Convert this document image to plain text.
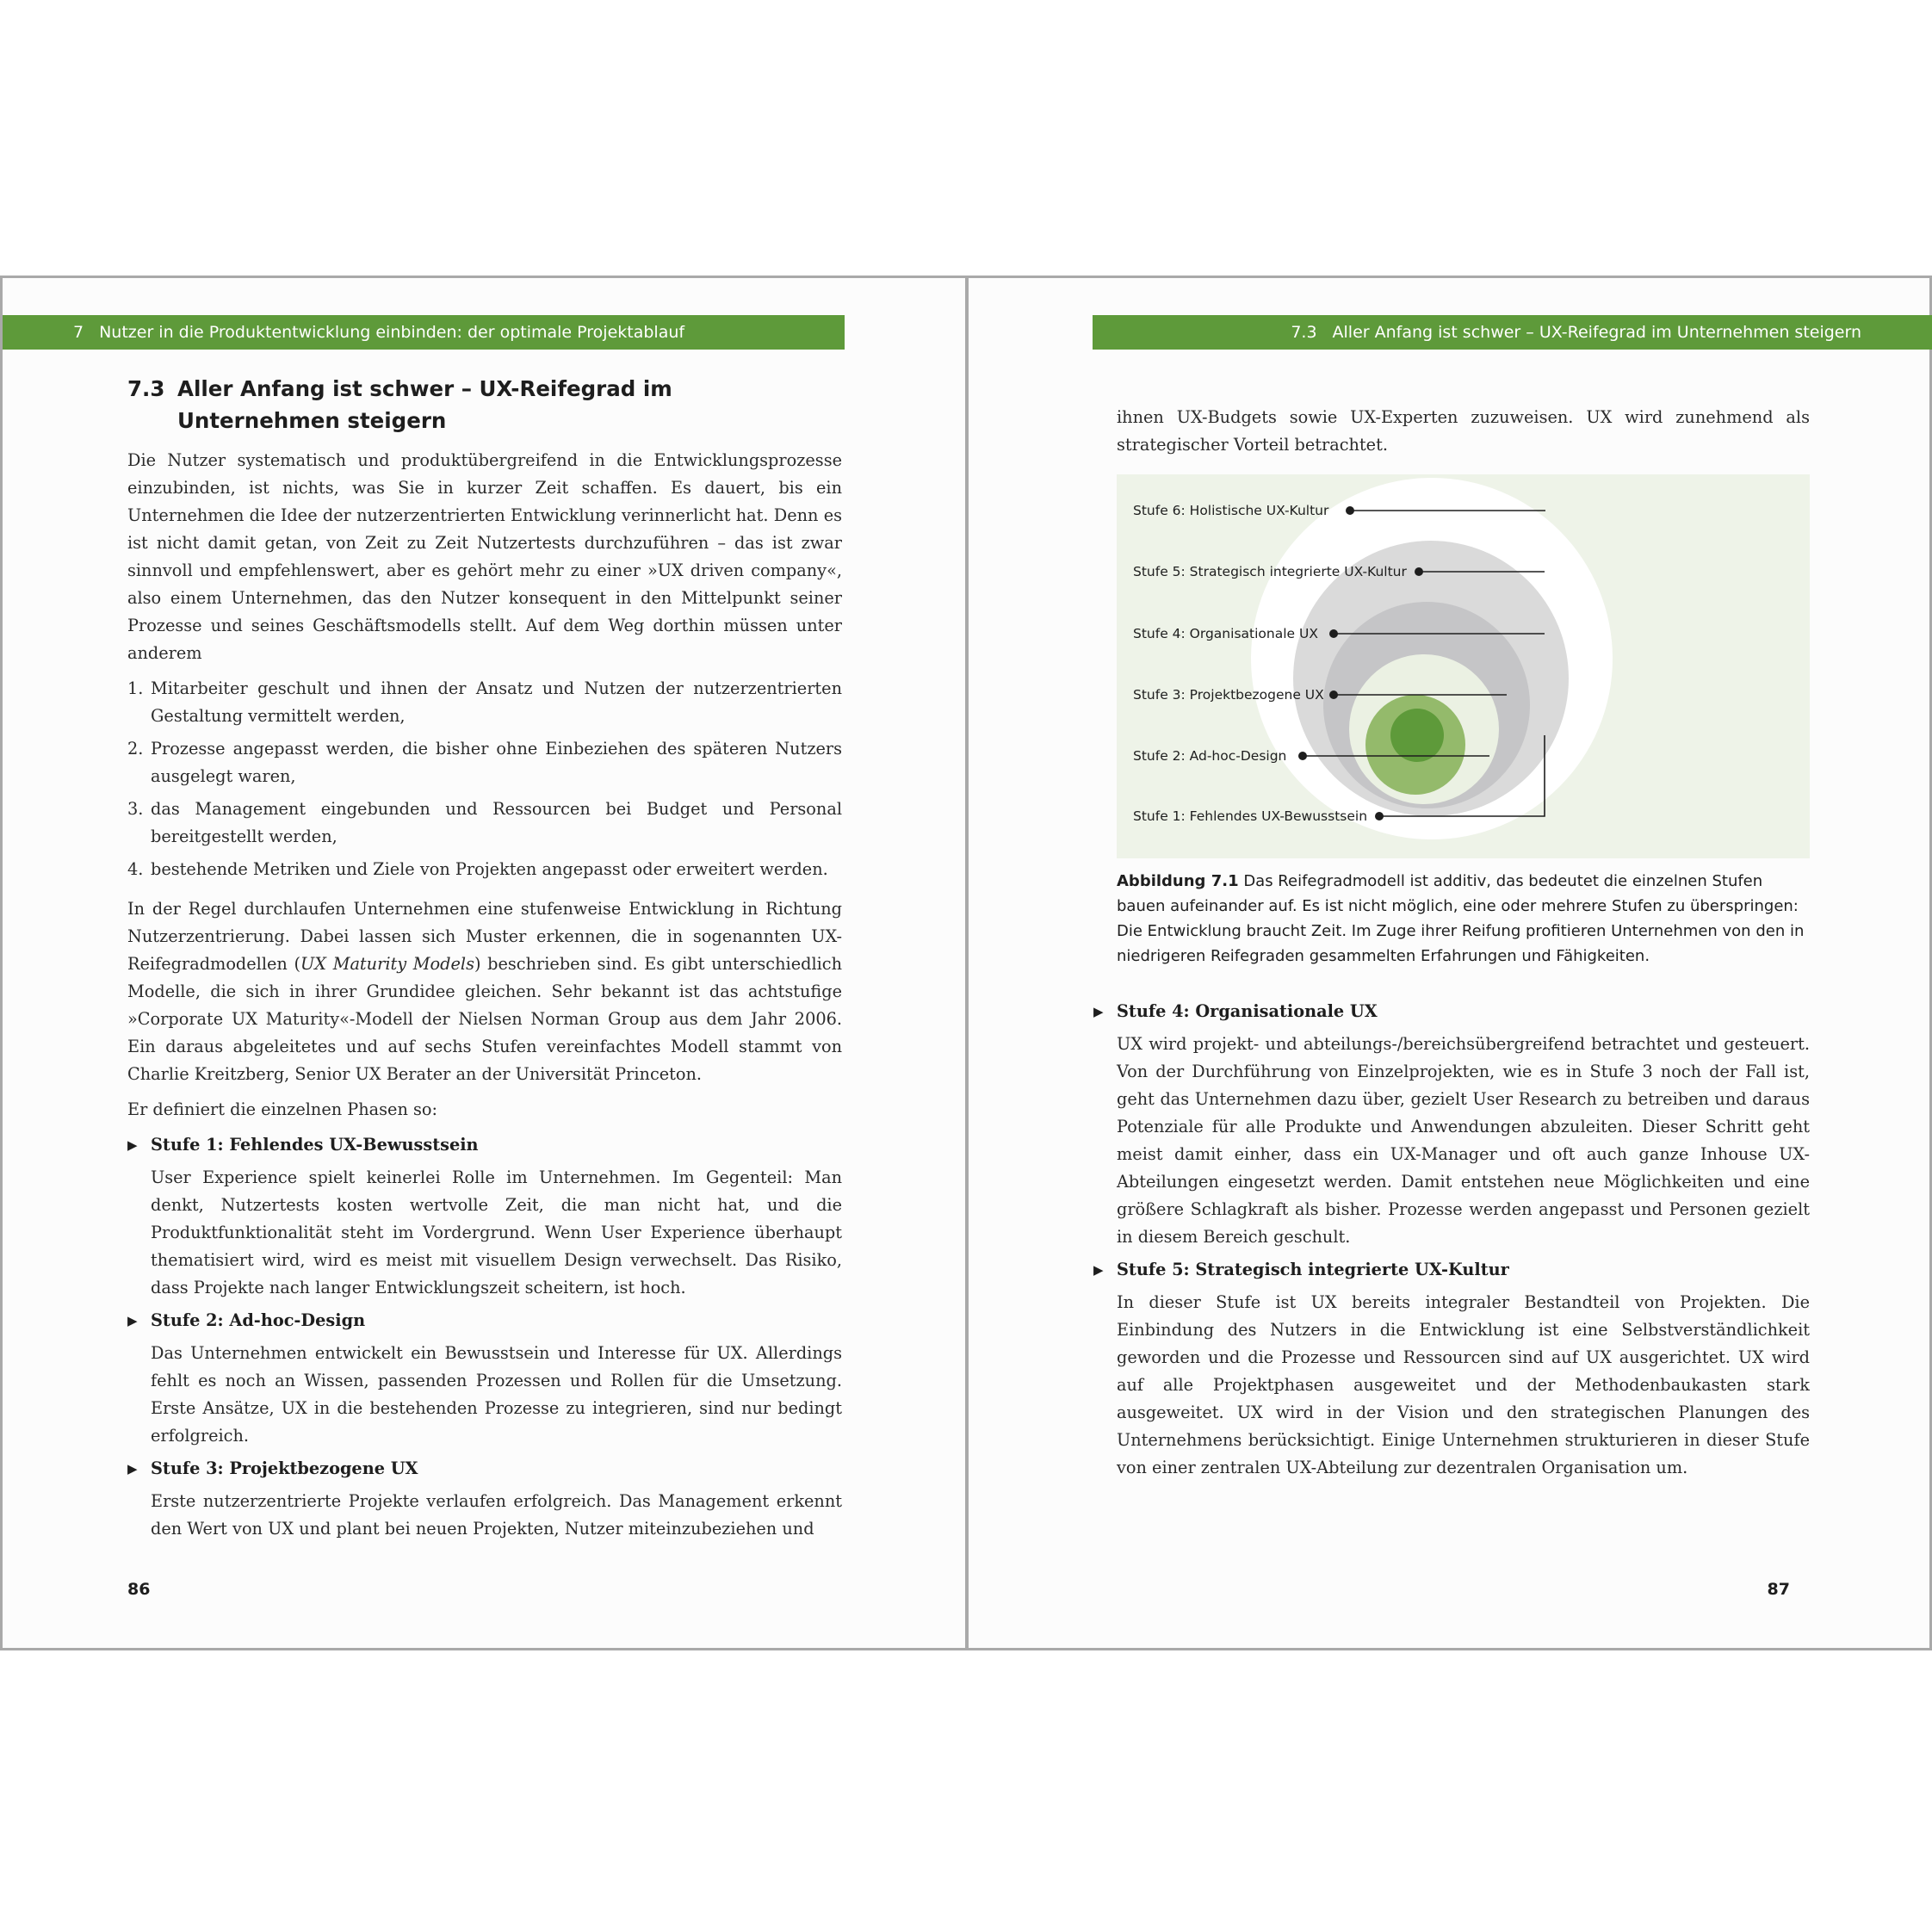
7 Nutzer in die Produktentwicklung einbinden: der optimale Projektablauf
7.3 Aller Anfang ist schwer – UX-Reifegrad im
Unternehmen steigern

Die Nutzer systematisch und produktübergreifend in die Entwicklungsprozesse einzubinden, ist nichts, was Sie in kurzer Zeit schaffen. Es dauert, bis ein Unternehmen die Idee der nutzerzentrierten Entwicklung verinnerlicht hat. Denn es ist nicht damit getan, von Zeit zu Zeit Nutzertests durchzuführen – das ist zwar sinnvoll und empfehlenswert, aber es gehört mehr zu einer »UX driven company«, also einem Unternehmen, das den Nutzer konsequent in den Mittelpunkt seiner Prozesse und seines Geschäftsmodells stellt. Auf dem Weg dorthin müssen unter anderem

1. Mitarbeiter geschult und ihnen der Ansatz und Nutzen der nutzerzentrierten Gestaltung vermittelt werden,
2. Prozesse angepasst werden, die bisher ohne Einbeziehen des späteren Nutzers ausgelegt waren,
3. das Management eingebunden und Ressourcen bei Budget und Personal bereitgestellt werden,
4. bestehende Metriken und Ziele von Projekten angepasst oder erweitert werden.

In der Regel durchlaufen Unternehmen eine stufenweise Entwicklung in Richtung Nutzerzentrierung. Dabei lassen sich Muster erkennen, die in sogenannten UX-Reifegradmodellen (UX Maturity Models) beschrieben sind. Es gibt unterschiedlich Modelle, die sich in ihrer Grundidee gleichen. Sehr bekannt ist das achtstufige »Corporate UX Maturity«-Modell der Nielsen Norman Group aus dem Jahr 2006. Ein daraus abgeleitetes und auf sechs Stufen vereinfachtes Modell stammt von Charlie Kreitzberg, Senior UX Berater an der Universität Princeton.

Er definiert die einzelnen Phasen so:

▶ Stufe 1: Fehlendes UX-Bewusstsein
User Experience spielt keinerlei Rolle im Unternehmen. Im Gegenteil: Man denkt, Nutzertests kosten wertvolle Zeit, die man nicht hat, und die Produktfunktionalität steht im Vordergrund. Wenn User Experience überhaupt thematisiert wird, wird es meist mit visuellem Design verwechselt. Das Risiko, dass Projekte nach langer Entwicklungszeit scheitern, ist hoch.
▶ Stufe 2: Ad-hoc-Design
Das Unternehmen entwickelt ein Bewusstsein und Interesse für UX. Allerdings fehlt es noch an Wissen, passenden Prozessen und Rollen für die Umsetzung. Erste Ansätze, UX in die bestehenden Prozesse zu integrieren, sind nur bedingt erfolgreich.
▶ Stufe 3: Projektbezogene UX
Erste nutzerzentrierte Projekte verlaufen erfolgreich. Das Management erkennt den Wert von UX und plant bei neuen Projekten, Nutzer miteinzubeziehen und
86
7.3 Aller Anfang ist schwer – UX-Reifegrad im Unternehmen steigern

ihnen UX-Budgets sowie UX-Experten zuzuweisen. UX wird zunehmend als strategischer Vorteil betrachtet.

Stufe 6: Holistische UX-Kultur
Stufe 5: Strategisch integrierte UX-Kultur
Stufe 4: Organisationale UX
Stufe 3: Projektbezogene UX
Stufe 2: Ad-hoc-Design
Stufe 1: Fehlendes UX-Bewusstsein
Abbildung 7.1 Das Reifegradmodell ist additiv, das bedeutet die einzelnen Stufen bauen aufeinander auf. Es ist nicht möglich, eine oder mehrere Stufen zu überspringen: Die Entwicklung braucht Zeit. Im Zuge ihrer Reifung profitieren Unternehmen von den in niedrigeren Reifegraden gesammelten Erfahrungen und Fähigkeiten.
▶ Stufe 4: Organisationale UX
UX wird projekt- und abteilungs-/bereichsübergreifend betrachtet und gesteuert. Von der Durchführung von Einzelprojekten, wie es in Stufe 3 noch der Fall ist, geht das Unternehmen dazu über, gezielt User Research zu betreiben und daraus Potenziale für alle Produkte und Anwendungen abzuleiten. Dieser Schritt geht meist damit einher, dass ein UX-Manager und oft auch ganze Inhouse UX-Abteilungen eingesetzt werden. Damit entstehen neue Möglichkeiten und eine größere Schlagkraft als bisher. Prozesse werden angepasst und Personen gezielt in diesem Bereich geschult.
▶ Stufe 5: Strategisch integrierte UX-Kultur
In dieser Stufe ist UX bereits integraler Bestandteil von Projekten. Die Einbindung des Nutzers in die Entwicklung ist eine Selbstverständlichkeit geworden und die Prozesse und Ressourcen sind auf UX ausgerichtet. UX wird auf alle Projektphasen ausgeweitet und der Methodenbaukasten stark ausgeweitet. UX wird in der Vision und den strategischen Planungen des Unternehmens berücksichtigt. Einige Unternehmen strukturieren in dieser Stufe von einer zentralen UX-Abteilung zur dezentralen Organisation um.
87
